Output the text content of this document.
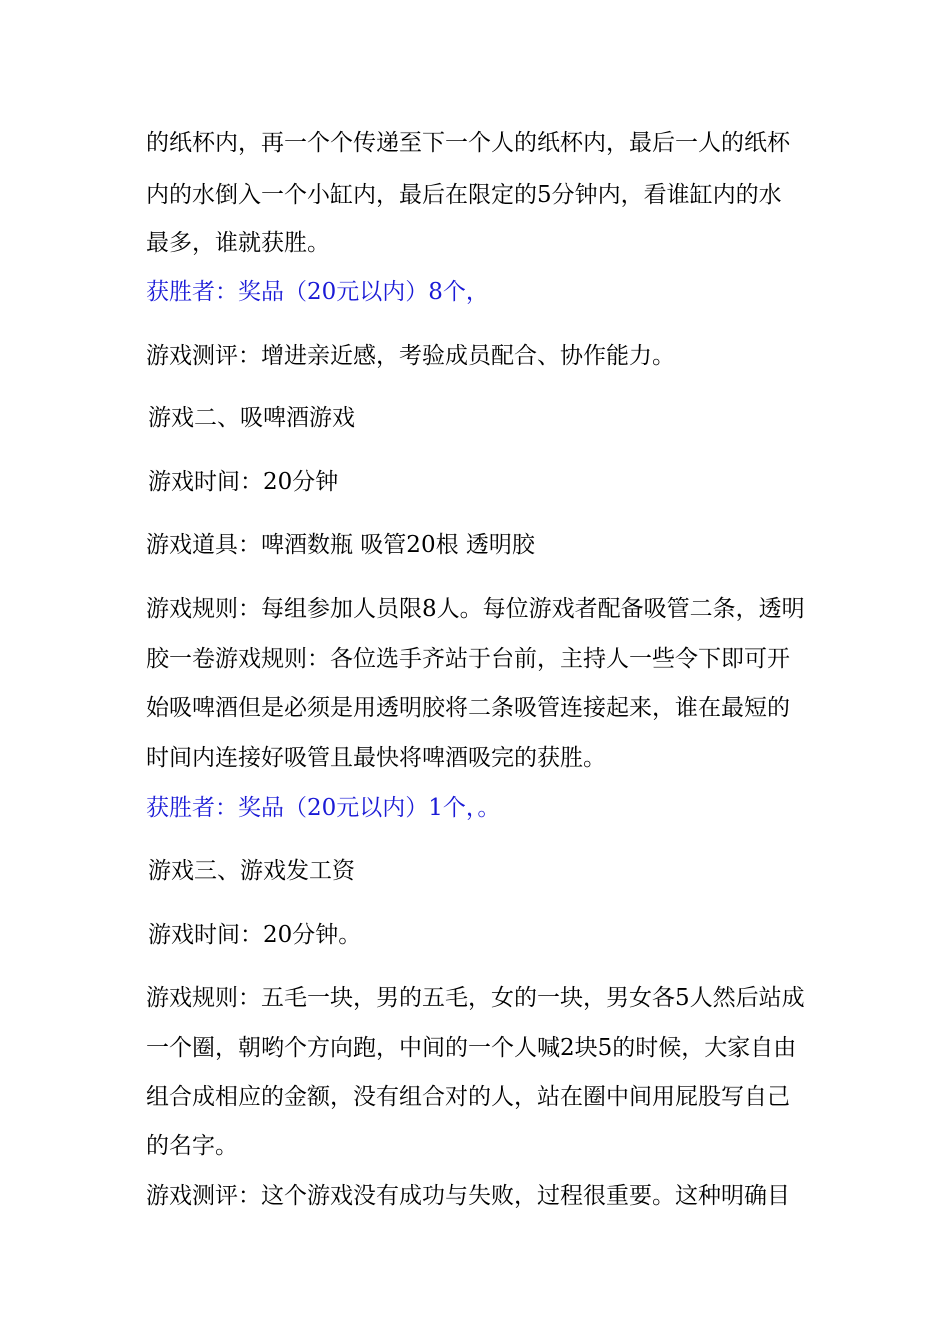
的纸杯内，再一个个传递至下一个人的纸杯内，最后一人的纸杯

内的水倒入一个小缸内，最后在限定的5分钟内，看谁缸内的水

最多，谁就获胜。

获胜者：奖品（20元以内）8个，

游戏测评：增进亲近感，考验成员配合、协作能力。

游戏二、吸啤酒游戏

游戏时间：20分钟

游戏道具：啤酒数瓶 吸管20根 透明胶

游戏规则：每组参加人员限8人。每位游戏者配备吸管二条，透明

胶一卷游戏规则：各位选手齐站于台前，主持人一些令下即可开

始吸啤酒但是必须是用透明胶将二条吸管连接起来，谁在最短的

时间内连接好吸管且最快将啤酒吸完的获胜。

获胜者：奖品（20元以内）1个，。

游戏三、游戏发工资

游戏时间：20分钟。

游戏规则：五毛一块，男的五毛，女的一块，男女各5人然后站成

一个圈，朝哟个方向跑，中间的一个人喊2块5的时候，大家自由

组合成相应的金额，没有组合对的人，站在圈中间用屁股写自己

的名字。

游戏测评：这个游戏没有成功与失败，过程很重要。这种明确目
